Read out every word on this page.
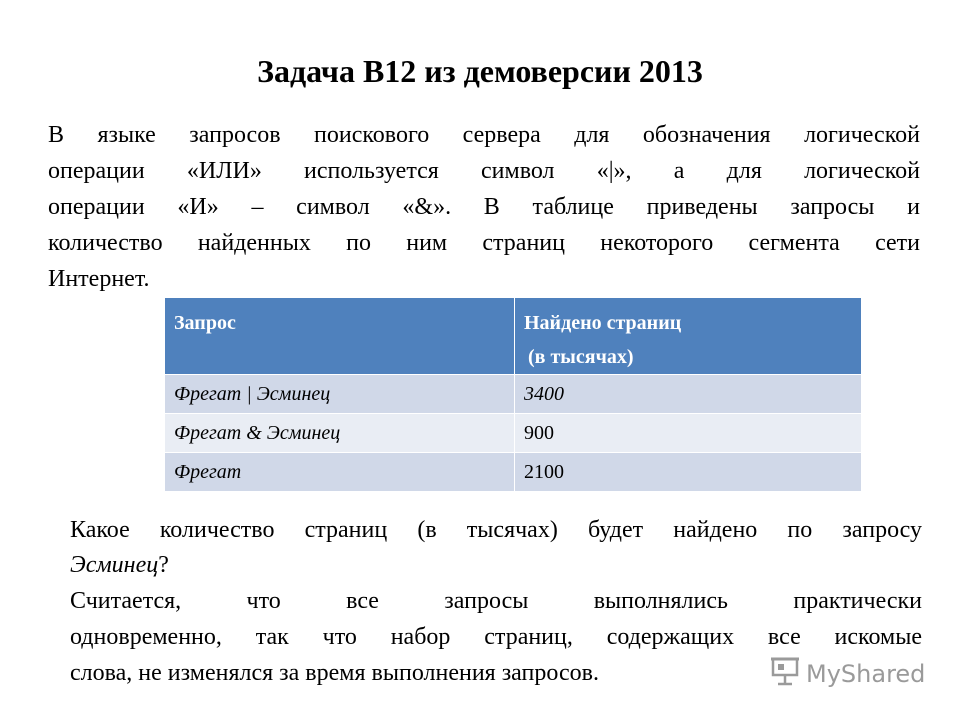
Задача В12 из демоверсии 2013
В языке запросов поискового сервера для обозначения логической
операции «ИЛИ» используется символ «|», а для логической
операции «И» – символ «&». В таблице приведены запросы и
количество найденных по ним страниц некоторого сегмента сети
Интернет.
Запрос	Найдено страниц
(в тысячах)

Фрегат | Эсминец	3400
Фрегат & Эсминец	900
Фрегат	2100
Какое количество страниц (в тысячах) будет найдено по запросу
Эсминец?
Считается, что все запросы выполнялись практически
одновременно, так что набор страниц, содержащих все искомые
слова, не изменялся за время выполнения запросов.	MyShared
